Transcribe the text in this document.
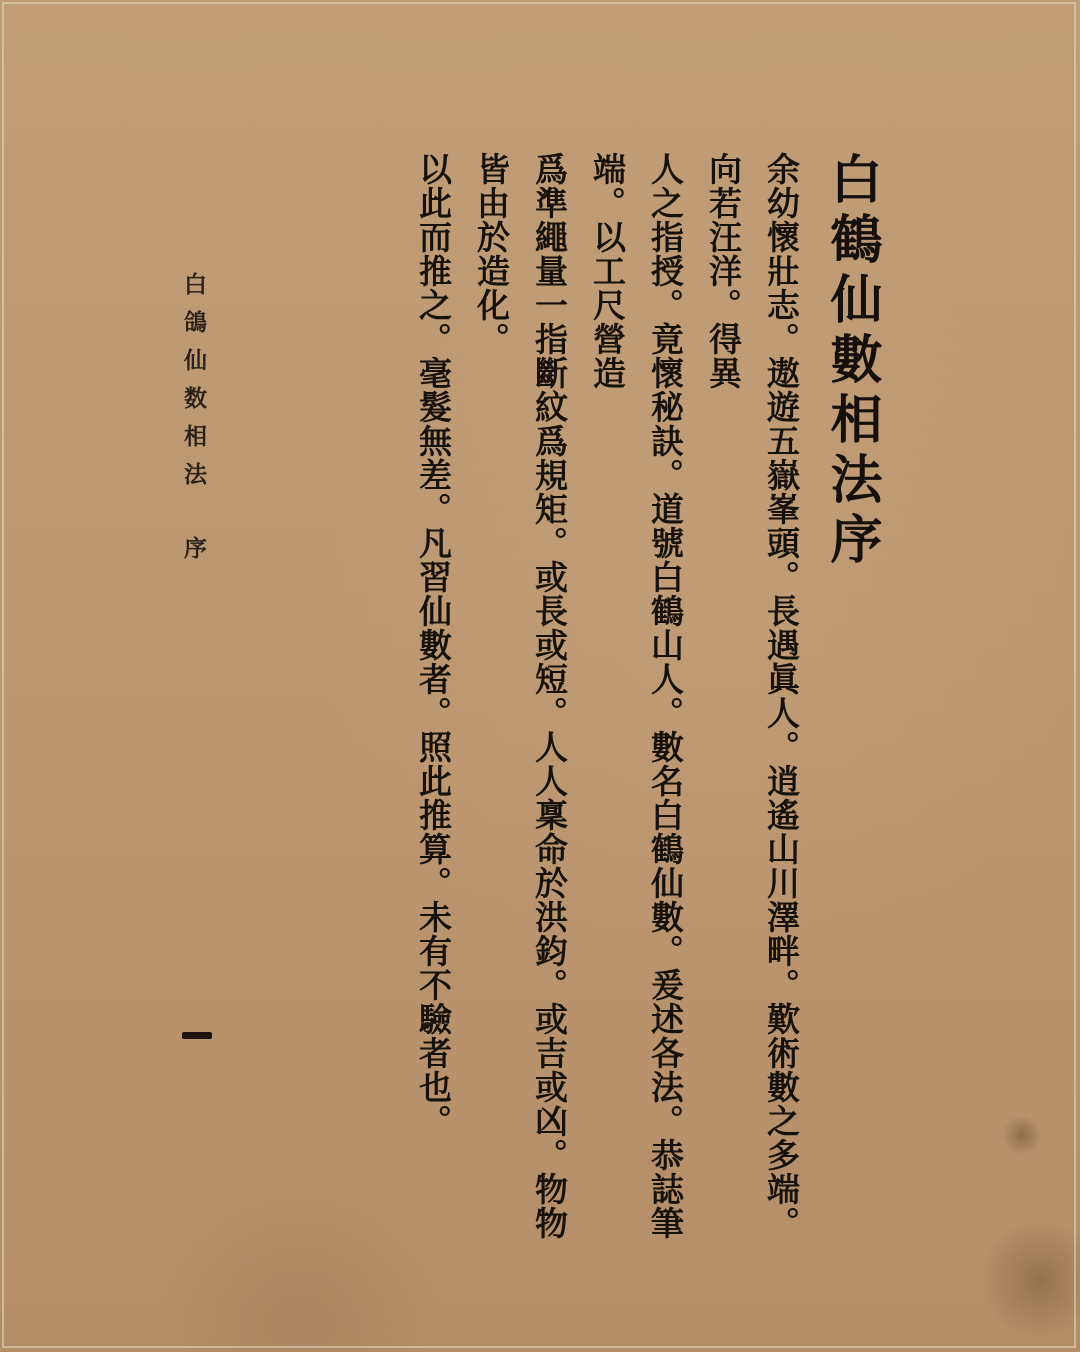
白鴿仙数相法序	白鶴仙數相法序

余幼懷壯志。遨遊五嶽峯頭。長遇眞人。逍遙山川澤畔。歎術數之多端。向若汪洋。得異

人之指授。竟懷秘訣。道號白鶴山人。數名白鶴仙數。爰述各法。恭誌筆端。以工尺營造

爲準繩量一指斷紋爲規矩。或長或短。人人稟命於洪鈞。或吉或凶。物物皆由於造化。

以此而推之。毫髮無差。凡習仙數者。照此推算。未有不驗者也。
